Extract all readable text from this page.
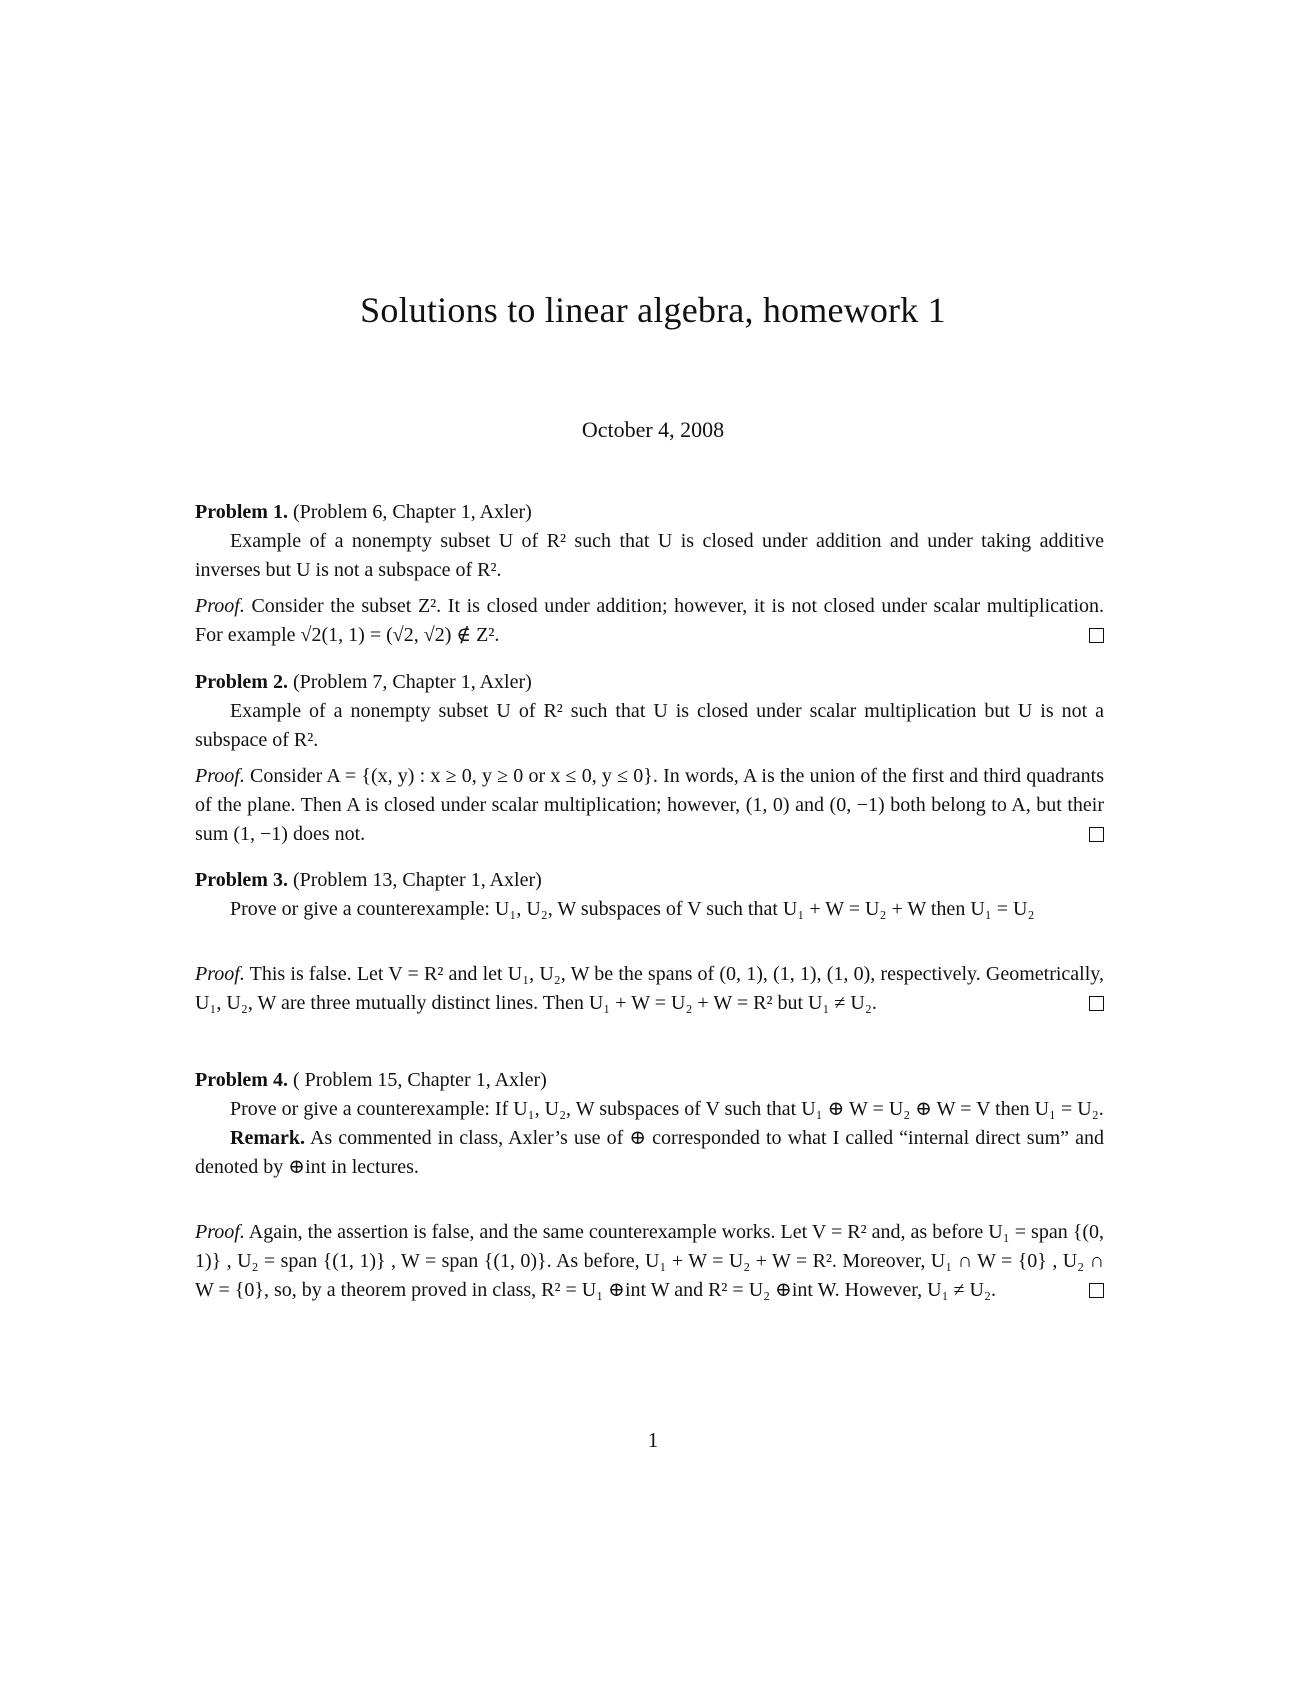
Solutions to linear algebra, homework 1
October 4, 2008

Problem 1. (Problem 6, Chapter 1, Axler)

Example of a nonempty subset U of R² such that U is closed under addition and under taking additive inverses but U is not a subspace of R².

Proof. Consider the subset Z². It is closed under addition; however, it is not closed under scalar multiplication. For example √2(1, 1) = (√2, √2) ∉ Z².

Problem 2. (Problem 7, Chapter 1, Axler)

Example of a nonempty subset U of R² such that U is closed under scalar multiplication but U is not a subspace of R².

Proof. Consider A = {(x, y) : x ≥ 0, y ≥ 0 or x ≤ 0, y ≤ 0}. In words, A is the union of the first and third quadrants of the plane. Then A is closed under scalar multiplication; however, (1, 0) and (0, −1) both belong to A, but their sum (1, −1) does not.

Problem 3. (Problem 13, Chapter 1, Axler)

Prove or give a counterexample: U₁, U₂, W subspaces of V such that U₁ + W = U₂ + W then U₁ = U₂

Proof. This is false. Let V = R² and let U₁, U₂, W be the spans of (0, 1), (1, 1), (1, 0), respectively. Geometrically, U₁, U₂, W are three mutually distinct lines. Then U₁ + W = U₂ + W = R² but U₁ ≠ U₂.

Problem 4. ( Problem 15, Chapter 1, Axler)

Prove or give a counterexample: If U₁, U₂, W subspaces of V such that U₁ ⊕ W = U₂ ⊕ W = V then U₁ = U₂.

Remark. As commented in class, Axler’s use of ⊕ corresponded to what I called “internal direct sum” and denoted by ⊕int in lectures.

Proof. Again, the assertion is false, and the same counterexample works. Let V = R² and, as before U₁ = span {(0, 1)} , U₂ = span {(1, 1)} , W = span {(1, 0)}. As before, U₁ + W = U₂ + W = R². Moreover, U₁ ∩ W = {0} , U₂ ∩ W = {0}, so, by a theorem proved in class, R² = U₁ ⊕int W and R² = U₂ ⊕int W. However, U₁ ≠ U₂.

1
